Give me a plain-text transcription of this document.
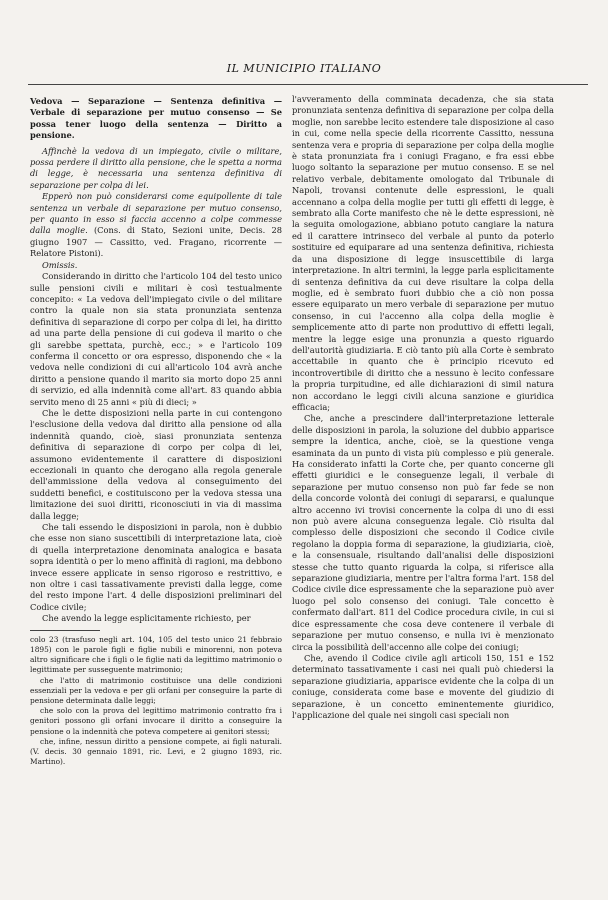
IL MUNICIPIO ITALIANO

Vedova — Separazione — Sentenza definitiva — Verbale di separazione per mutuo consenso — Se possa tener luogo della sentenza — Diritto a pensione.

Affinchè la vedova di un impiegato, civile o militare, possa perdere il diritto alla pensione, che le spetta a norma di legge, è necessaria una sentenza definitiva di separazione per colpa di lei.

Epperò non può considerarsi come equipollente di tale sentenza un verbale di separazione per mutuo consenso, per quanto in esso si faccia accenno a colpe commesse dalla moglie. (Cons. di Stato, Sezioni unite, Decis. 28 giugno 1907 — Cassitto, ved. Fragano, ricorrente — Relatore Pistoni).

Omissis.

Considerando in diritto che l'articolo 104 del testo unico sulle pensioni civili e militari è così testualmente concepito: « La vedova dell'impiegato civile o del militare contro la quale non sia stata pronunziata sentenza definitiva di separazione di corpo per colpa di lei, ha diritto ad una parte della pensione di cui godeva il marito o che gli sarebbe spettata, purchè, ecc.; » e l'articolo 109 conferma il concetto or ora espresso, disponendo che « la vedova nelle condizioni di cui all'articolo 104 avrà anche diritto a pensione quando il marito sia morto dopo 25 anni di servizio, ed alla indennità come all'art. 83 quando abbia servito meno di 25 anni « più di dieci; »

Che le dette disposizioni nella parte in cui contengono l'esclusione della vedova dal diritto alla pensione od alla indennità quando, cioè, siasi pronunziata sentenza definitiva di separazione di corpo per colpa di lei, assumono evidentemente il carattere di disposizioni eccezionali in quanto che derogano alla regola generale dell'ammissione della vedova al conseguimento dei suddetti benefici, e costituiscono per la vedova stessa una limitazione dei suoi diritti, riconosciuti in via di massima dalla legge;

Che tali essendo le disposizioni in parola, non è dubbio che esse non siano suscettibili di interpretazione lata, cioè di quella interpretazione denominata analogica e basata sopra identità o per lo meno affinità di ragioni, ma debbono invece essere applicate in senso rigoroso e restrittivo, e non oltre i casi tassativamente previsti dalla legge, come del resto impone l'art. 4 delle disposizioni preliminari del Codice civile;

Che avendo la legge esplicitamente richiesto, per

colo 23 (trasfuso negli art. 104, 105 del testo unico 21 febbraio 1895) con le parole figli e figlie nubili e minorenni, non poteva altro significare che i figli o le figlie nati da legittimo matrimonio o legittimate per susseguente matrimonio;

che l'atto di matrimonio costituisce una delle condizioni essenziali per la vedova e per gli orfani per conseguire la parte di pensione determinata dalle leggi;

che solo con la prova del legittimo matrimonio contratto fra i genitori possono gli orfani invocare il diritto a conseguire la pensione o la indennità che poteva competere ai genitori stessi;

che, infine, nessun diritto a pensione compete, ai figli naturali. (V. decis. 30 gennaio 1891, ric. Levi, e 2 giugno 1893, ric. Martino).

l'avveramento della comminata decadenza, che sia stata pronunziata sentenza definitiva di separazione per colpa della moglie, non sarebbe lecito estendere tale disposizione al caso in cui, come nella specie della ricorrente Cassitto, nessuna sentenza vera e propria di separazione per colpa della moglie è stata pronunziata fra i coniugi Fragano, e fra essi ebbe luogo soltanto la separazione per mutuo consenso. E se nel relativo verbale, debitamente omologato dal Tribunale di Napoli, trovansi contenute delle espressioni, le quali accennano a colpa della moglie per tutti gli effetti di legge, è sembrato alla Corte manifesto che nè le dette espressioni, nè la seguita omologazione, abbiano potuto cangiare la natura ed il carattere intrinseco del verbale al punto da poterlo sostituire ed equiparare ad una sentenza definitiva, richiesta da una disposizione di legge insuscettibile di larga interpretazione. In altri termini, la legge parla esplicitamente di sentenza definitiva da cui deve risultare la colpa della moglie, ed è sembrato fuori dubbio che a ciò non possa essere equiparato un mero verbale di separazione per mutuo consenso, in cui l'accenno alla colpa della moglie è semplicemente atto di parte non produttivo di effetti legali, mentre la legge esige una pronunzia a questo riguardo dell'autorità giudiziaria. E ciò tanto più alla Corte è sembrato accettabile in quanto che è principio ricevuto ed incontrovertibile di diritto che a nessuno è lecito confessare la propria turpitudine, ed alle dichiarazioni di simil natura non accordano le leggi civili alcuna sanzione e giuridica efficacia;

Che, anche a prescindere dall'interpretazione letterale delle disposizioni in parola, la soluzione del dubbio apparisce sempre la identica, anche, cioè, se la questione venga esaminata da un punto di vista più complesso e più generale. Ha considerato infatti la Corte che, per quanto concerne gli effetti giuridici e le conseguenze legali, il verbale di separazione per mutuo consenso non può far fede se non della concorde volontà dei coniugi di separarsi, e qualunque altro accenno ivi trovisi concernente la colpa di uno di essi non può avere alcuna conseguenza legale. Ciò risulta dal complesso delle disposizioni che secondo il Codice civile regolano la doppia forma di separazione, la giudiziaria, cioè, e la consensuale, risultando dall'analisi delle disposizioni stesse che tutto quanto riguarda la colpa, si riferisce alla separazione giudiziaria, mentre per l'altra forma l'art. 158 del Codice civile dice espressamente che la separazione può aver luogo pel solo consenso dei coniugi. Tale concetto è confermato dall'art. 811 del Codice procedura civile, in cui si dice espressamente che cosa deve contenere il verbale di separazione per mutuo consenso, e nulla ivi è menzionato circa la possibilità dell'accenno alle colpe dei coniugi;

Che, avendo il Codice civile agli articoli 150, 151 e 152 determinato tassativamente i casi nei quali può chiedersi la separazione giudiziaria, apparisce evidente che la colpa di un coniuge, considerata come base e movente del giudizio di separazione, è un concetto eminentemente giuridico, l'applicazione del quale nei singoli casi speciali non
